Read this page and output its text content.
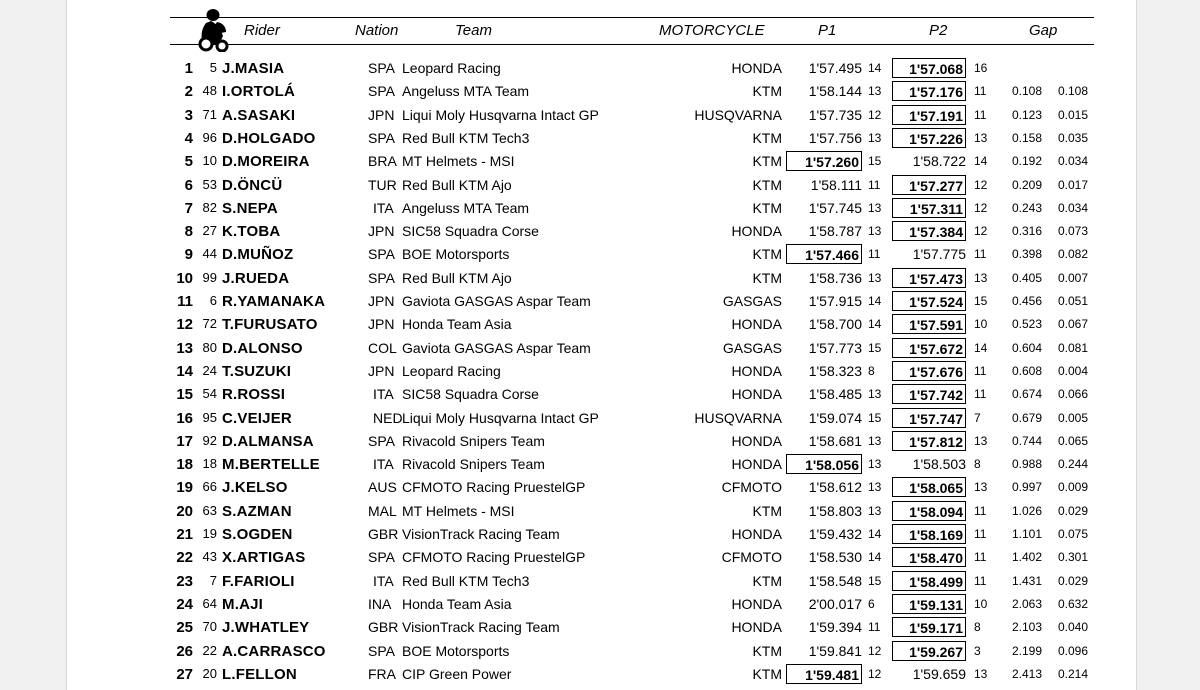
Rider	Nation	Team	MOTORCYCLE	P1	P2	Gap
1	5 J.MASIA	SPA Leopard Racing	HONDA	1'57.495 14	1'57.068 16
2 48 I.ORTOLÁ	SPA Angeluss MTA Team	KTM	1'58.144 13	1'57.176 11	0.108	0.108
3 71 A.SASAKI	JPN Liqui Moly Husqvarna Intact GP	HUSQVARNA	1'57.735 12	1'57.191 11	0.123	0.015
4 96 D.HOLGADO	SPA Red Bull KTM Tech3	KTM	1'57.756 13	1'57.226 13	0.158	0.035
5 10 D.MOREIRA	BRA MT Helmets - MSI	KTM	1'57.260 15	1'58.722 14	0.192	0.034
6 53 D.ÖNCÜ	TUR Red Bull KTM Ajo	KTM	1'58.111 11	1'57.277 12	0.209	0.017
7 82 S.NEPA	ITA Angeluss MTA Team	KTM	1'57.745 13	1'57.311 12	0.243	0.034
8 27 K.TOBA	JPN SIC58 Squadra Corse	HONDA	1'58.787 13	1'57.384 12	0.316	0.073
9 44 D.MUÑOZ	SPA BOE Motorsports	KTM	1'57.466 11	1'57.775 11	0.398	0.082
10 99 J.RUEDA	SPA Red Bull KTM Ajo	KTM	1'58.736 13	1'57.473 13	0.405	0.007
11	6 R.YAMANAKA	JPN Gaviota GASGAS Aspar Team	GASGAS	1'57.915 14	1'57.524 15	0.456	0.051
12 72 T.FURUSATO	JPN Honda Team Asia	HONDA	1'58.700 14	1'57.591 10	0.523	0.067
13 80 D.ALONSO	COL Gaviota GASGAS Aspar Team	GASGAS	1'57.773 15	1'57.672 14	0.604	0.081
14 24 T.SUZUKI	JPN Leopard Racing	HONDA	1'58.323 8	1'57.676 11	0.608	0.004
15 54 R.ROSSI	ITA SIC58 Squadra Corse	HONDA	1'58.485 13	1'57.742 11	0.674	0.066
16 95 C.VEIJER	NED Liqui Moly Husqvarna Intact GP	HUSQVARNA	1'59.074 15	1'57.747 7	0.679	0.005
17 92 D.ALMANSA	SPA Rivacold Snipers Team	HONDA	1'58.681 13	1'57.812 13	0.744	0.065
18 18 M.BERTELLE	ITA Rivacold Snipers Team	HONDA	1'58.056 13	1'58.503 8	0.988	0.244
19 66 J.KELSO	AUS CFMOTO Racing PruestelGP	CFMOTO	1'58.612 13	1'58.065 13	0.997	0.009
20 63 S.AZMAN	MAL MT Helmets - MSI	KTM	1'58.803 13	1'58.094 11	1.026	0.029
21 19 S.OGDEN	GBR VisionTrack Racing Team	HONDA	1'59.432 14	1'58.169 11	1.101	0.075
22 43 X.ARTIGAS	SPA CFMOTO Racing PruestelGP	CFMOTO	1'58.530 14	1'58.470 11	1.402	0.301
23	7 F.FARIOLI	ITA Red Bull KTM Tech3	KTM	1'58.548 15	1'58.499 11	1.431	0.029
24 64 M.AJI	INA Honda Team Asia	HONDA	2'00.017 6	1'59.131 10	2.063	0.632
25 70 J.WHATLEY	GBR VisionTrack Racing Team	HONDA	1'59.394 11	1'59.171 8	2.103	0.040
26 22 A.CARRASCO	SPA BOE Motorsports	KTM	1'59.841 12	1'59.267 3	2.199	0.096
27 20 L.FELLON	FRA CIP Green Power	KTM	1'59.481 12	1'59.659 13	2.413	0.214
